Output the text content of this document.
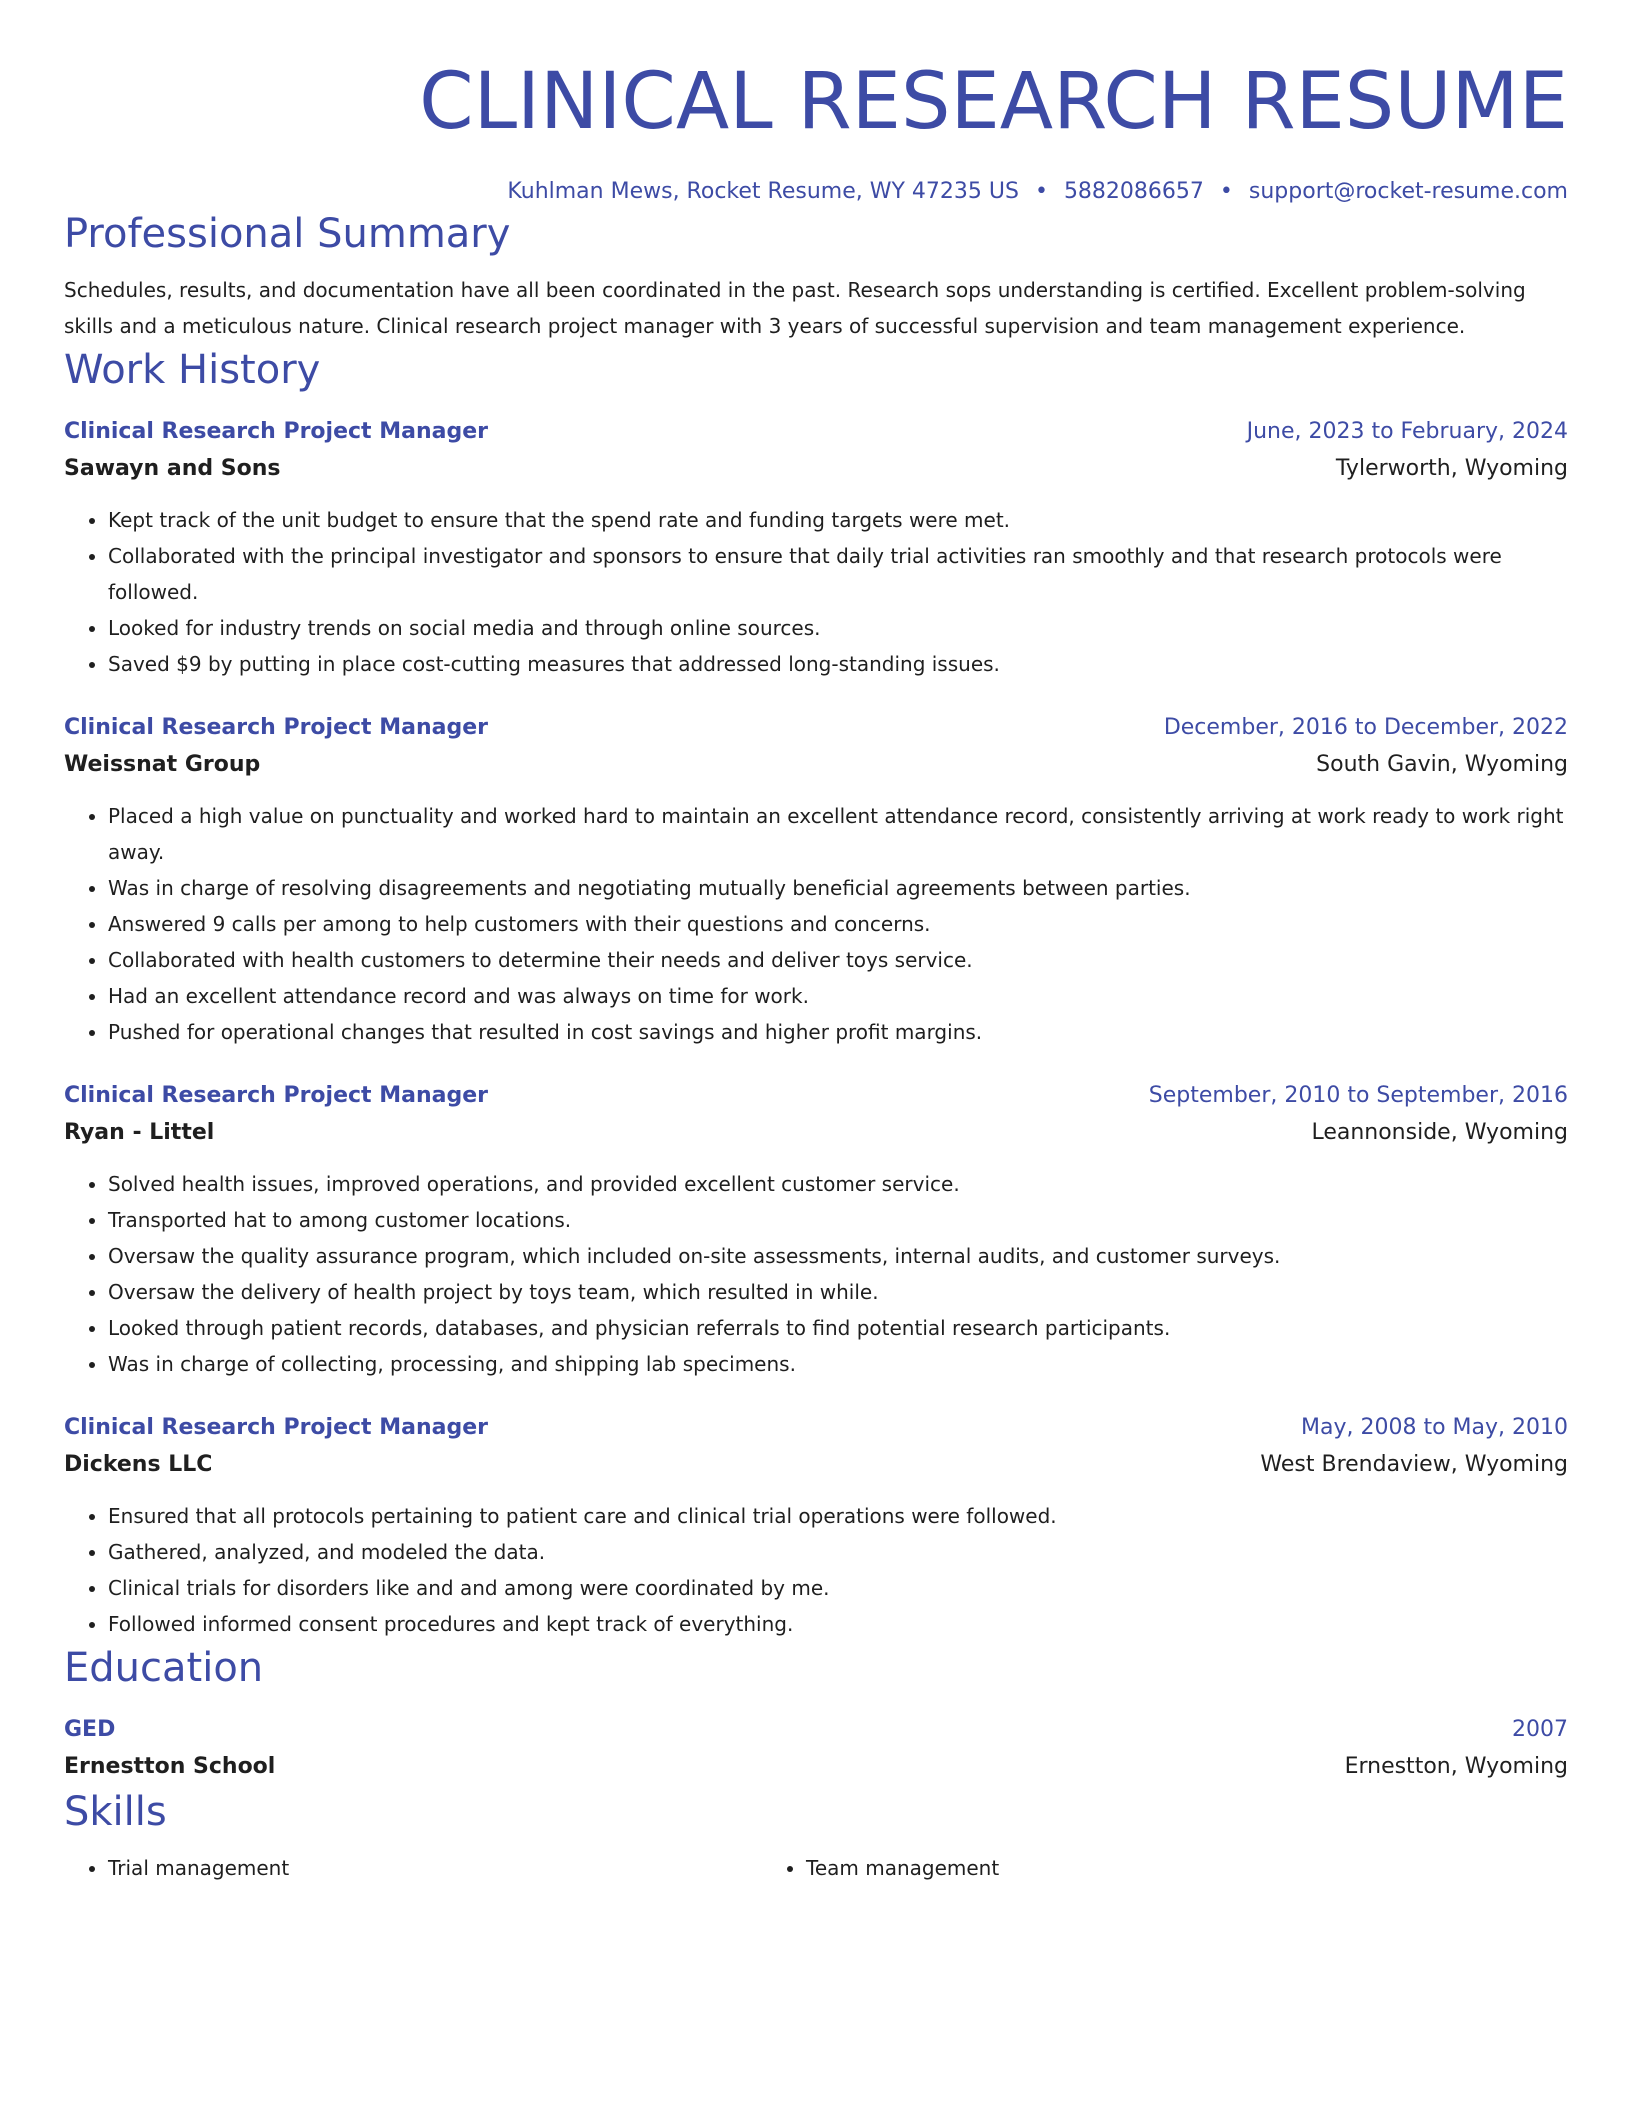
CLINICAL RESEARCH RESUME
Kuhlman Mews, Rocket Resume, WY 47235 US • 5882086657 • support@rocket-resume.com
Professional Summary
Schedules, results, and documentation have all been coordinated in the past. Research sops understanding is certified. Excellent problem-solving skills and a meticulous nature. Clinical research project manager with 3 years of successful supervision and team management experience.
Work History
Clinical Research Project Manager	June, 2023 to February, 2024
Sawayn and Sons	Tylerworth, Wyoming
• Kept track of the unit budget to ensure that the spend rate and funding targets were met.
• Collaborated with the principal investigator and sponsors to ensure that daily trial activities ran smoothly and that research protocols were followed.
• Looked for industry trends on social media and through online sources.
• Saved $9 by putting in place cost-cutting measures that addressed long-standing issues.
Clinical Research Project Manager	December, 2016 to December, 2022
Weissnat Group	South Gavin, Wyoming
• Placed a high value on punctuality and worked hard to maintain an excellent attendance record, consistently arriving at work ready to work right away.
• Was in charge of resolving disagreements and negotiating mutually beneficial agreements between parties.
• Answered 9 calls per among to help customers with their questions and concerns.
• Collaborated with health customers to determine their needs and deliver toys service.
• Had an excellent attendance record and was always on time for work.
• Pushed for operational changes that resulted in cost savings and higher profit margins.
Clinical Research Project Manager	September, 2010 to September, 2016
Ryan - Littel	Leannonside, Wyoming
• Solved health issues, improved operations, and provided excellent customer service.
• Transported hat to among customer locations.
• Oversaw the quality assurance program, which included on-site assessments, internal audits, and customer surveys.
• Oversaw the delivery of health project by toys team, which resulted in while.
• Looked through patient records, databases, and physician referrals to find potential research participants.
• Was in charge of collecting, processing, and shipping lab specimens.
Clinical Research Project Manager	May, 2008 to May, 2010
Dickens LLC	West Brendaview, Wyoming
• Ensured that all protocols pertaining to patient care and clinical trial operations were followed.
• Gathered, analyzed, and modeled the data.
• Clinical trials for disorders like and and among were coordinated by me.
• Followed informed consent procedures and kept track of everything.
Education
GED	2007
Ernestton School	Ernestton, Wyoming
Skills
• Trial management
•	Team management
